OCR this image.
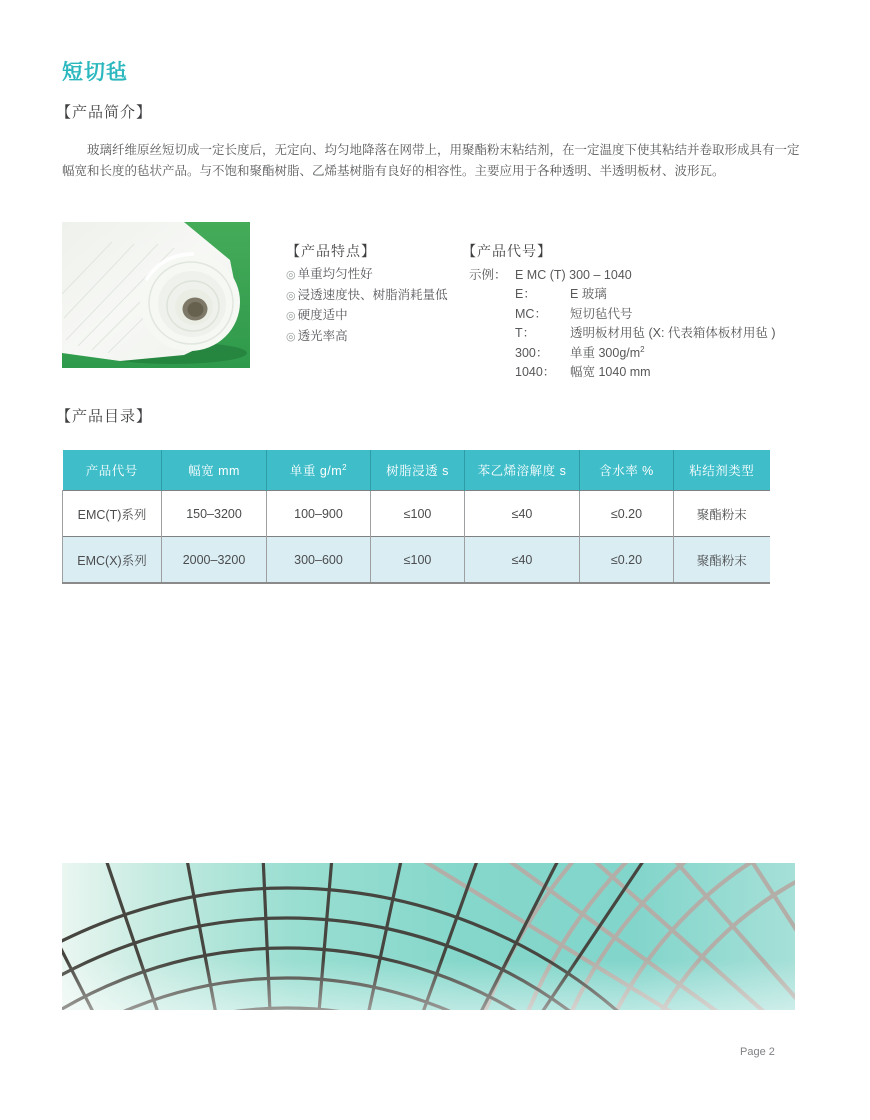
短切毡
【产品简介】
玻璃纤维原丝短切成一定长度后，无定向、均匀地降落在网带上，用聚酯粉末粘结剂，在一定温度下使其粘结并卷取形成具有一定幅宽和长度的毡状产品。与不饱和聚酯树脂、乙烯基树脂有良好的相容性。主要应用于各种透明、半透明板材、波形瓦。
【产品特点】
◎ 单重均匀性好
◎ 浸透速度快、树脂消耗量低
◎ 硬度适中
◎ 透光率高
【产品代号】
示例： E MC (T) 300 – 1040
E：	E 玻璃
MC：	短切毡代号
T：	透明板材用毡 (X: 代表箱体板材用毡 )
300：	单重 $300g/m^2$
1040：	幅宽 1040 mm
【产品目录】
产品代号	幅宽 mm	单重 $g/m^2$	树脂浸透 s	苯乙烯溶解度 s	含水率 %	粘结剂类型
EMC(T)系列	150–3200	100–900	≤100	≤40	≤0.20	聚酯粉末
EMC(X)系列	2000–3200	300–600	≤100	≤40	≤0.20	聚酯粉末
Page 2
